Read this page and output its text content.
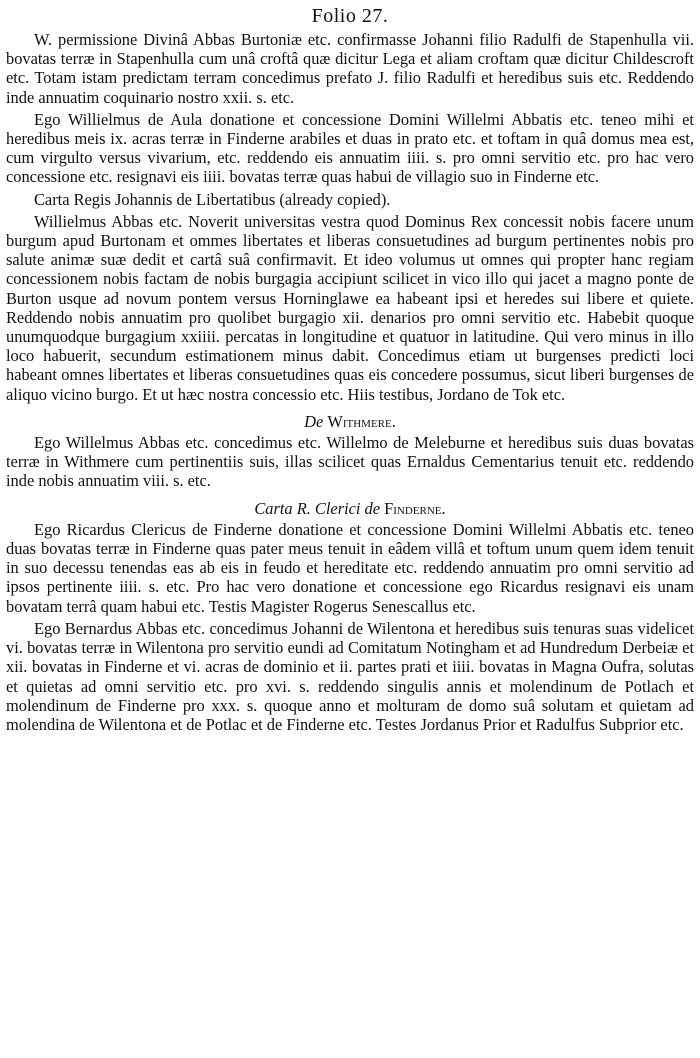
Folio 27.

W. permissione Divinâ Abbas Burtoniæ etc. confirmasse Johanni filio Radulfi de Stapenhulla vii. bovatas terræ in Stapenhulla cum unâ croftâ quæ dicitur Lega et aliam croftam quæ dicitur Childescroft etc. Totam istam predictam terram concedimus prefato J. filio Radulfi et heredibus suis etc. Reddendo inde annuatim coquinario nostro xxii. s. etc.

Ego Willielmus de Aula donatione et concessione Domini Willelmi Abbatis etc. teneo mihi et heredibus meis ix. acras terræ in Finderne arabiles et duas in prato etc. et toftam in quâ domus mea est, cum virgulto versus vivarium, etc. reddendo eis annuatim iiii. s. pro omni servitio etc. pro hac vero concessione etc. resignavi eis iiii. bovatas terræ quas habui de villagio suo in Finderne etc.

Carta Regis Johannis de Libertatibus (already copied).

Willielmus Abbas etc. Noverit universitas vestra quod Dominus Rex concessit nobis facere unum burgum apud Burtonam et ommes libertates et liberas consuetudines ad burgum pertinentes nobis pro salute animæ suæ dedit et cartâ suâ confirmavit. Et ideo volumus ut omnes qui propter hanc regiam concessionem nobis factam de nobis burgagia accipiunt scilicet in vico illo qui jacet a magno ponte de Burton usque ad novum pontem versus Horninglawe ea habeant ipsi et heredes sui libere et quiete. Reddendo nobis annuatim pro quolibet burgagio xii. denarios pro omni servitio etc. Habebit quoque unumquodque burgagium xxiiii. percatas in longitudine et quatuor in latitudine. Qui vero minus in illo loco habuerit, secundum estimationem minus dabit. Concedimus etiam ut burgenses predicti loci habeant omnes libertates et liberas consuetudines quas eis concedere possumus, sicut liberi burgenses de aliquo vicino burgo. Et ut hæc nostra concessio etc. Hiis testibus, Jordano de Tok etc.

De Withmere.

Ego Willelmus Abbas etc. concedimus etc. Willelmo de Meleburne et heredibus suis duas bovatas terræ in Withmere cum pertinentiis suis, illas scilicet quas Ernaldus Cementarius tenuit etc. reddendo inde nobis annuatim viii. s. etc.

Carta R. Clerici de Finderne.

Ego Ricardus Clericus de Finderne donatione et concessione Domini Willelmi Abbatis etc. teneo duas bovatas terræ in Finderne quas pater meus tenuit in eâdem villâ et toftum unum quem idem tenuit in suo decessu tenendas eas ab eis in feudo et hereditate etc. reddendo annuatim pro omni servitio ad ipsos pertinente iiii. s. etc. Pro hac vero donatione et concessione ego Ricardus resignavi eis unam bovatam terrâ quam habui etc. Testis Magister Rogerus Senescallus etc.

Ego Bernardus Abbas etc. concedimus Johanni de Wilentona et heredibus suis tenuras suas videlicet vi. bovatas terræ in Wilentona pro servitio eundi ad Comitatum Notingham et ad Hundredum Derbeiæ et xii. bovatas in Finderne et vi. acras de dominio et ii. partes prati et iiii. bovatas in Magna Oufra, solutas et quietas ad omni servitio etc. pro xvi. s. reddendo singulis annis et molendinum de Potlach et molendinum de Finderne pro xxx. s. quoque anno et molturam de domo suâ solutam et quietam ad molendina de Wilentona et de Potlac et de Finderne etc. Testes Jordanus Prior et Radulfus Subprior etc.
